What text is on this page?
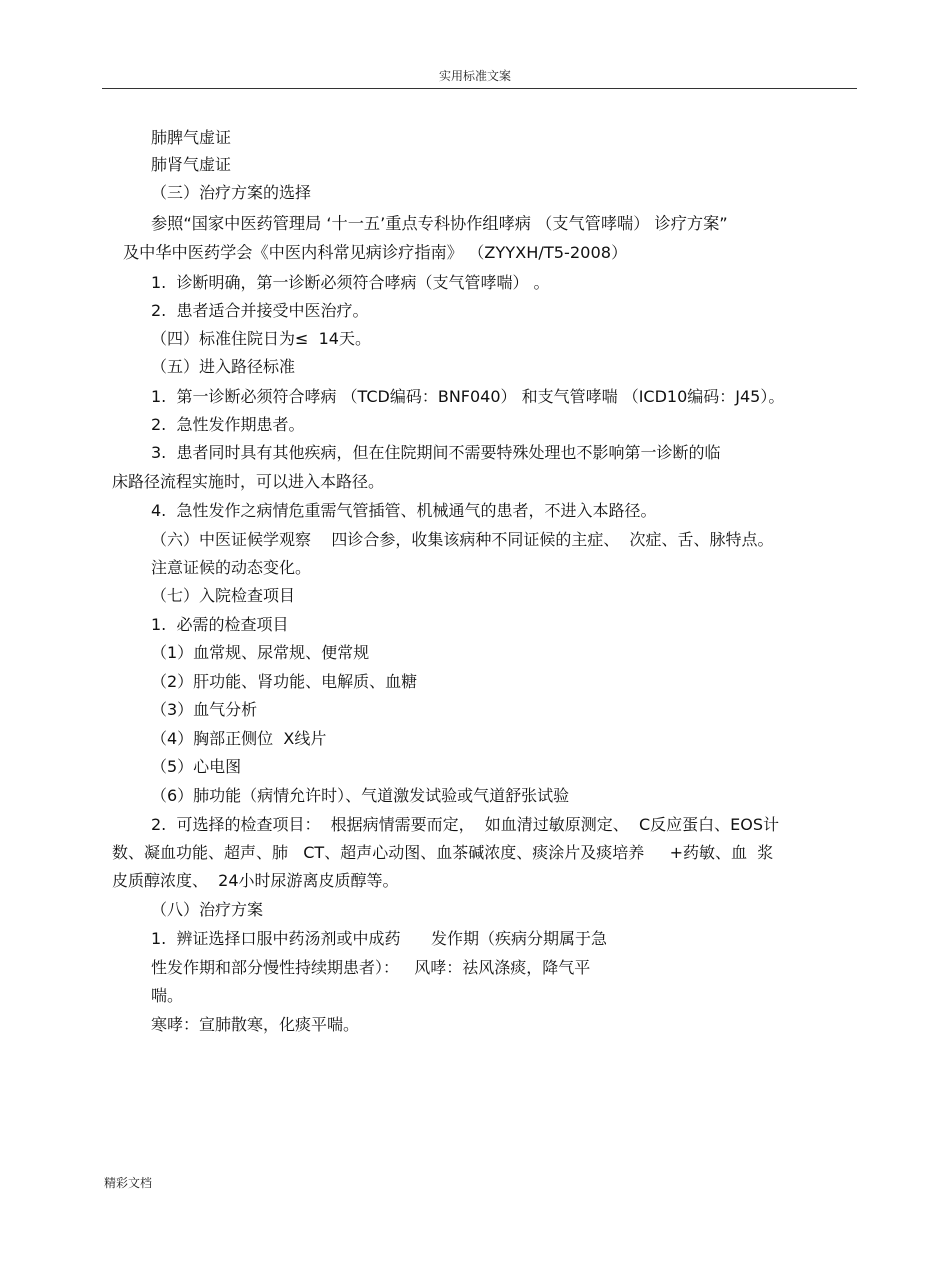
实用标准文案
肺脾气虚证
肺肾气虚证
（三）治疗方案的选择
参照“国家中医药管理局 ‘十一五’重点专科协作组哮病 （支气管哮喘） 诊疗方案”
及中华中医药学会《中医内科常见病诊疗指南》 （ZYYXH/T5-2008）
1.  诊断明确，第一诊断必须符合哮病（支气管哮喘） 。
2.  患者适合并接受中医治疗。
（四）标准住院日为≤  14天。
（五）进入路径标准
1.  第一诊断必须符合哮病 （TCD编码：BNF040） 和支气管哮喘 （ICD10编码：J45）。
2.  急性发作期患者。
3.  患者同时具有其他疾病，但在住院期间不需要特殊处理也不影响第一诊断的临
床路径流程实施时，可以进入本路径。
4.  急性发作之病情危重需气管插管、机械通气的患者，不进入本路径。
（六）中医证候学观察    四诊合参，收集该病种不同证候的主症、  次症、舌、脉特点。
注意证候的动态变化。
（七）入院检查项目
1.  必需的检查项目
（1）血常规、尿常规、便常规
（2）肝功能、肾功能、电解质、血糖
（3）血气分析
（4）胸部正侧位  X线片
（5）心电图
（6）肺功能（病情允许时）、气道激发试验或气道舒张试验
2.  可选择的检查项目：  根据病情需要而定，  如血清过敏原测定、  C反应蛋白、EOS计
数、凝血功能、超声、肺   CT、超声心动图、血茶碱浓度、痰涂片及痰培养     +药敏、血  浆
皮质醇浓度、  24小时尿游离皮质醇等。
（八）治疗方案
1.  辨证选择口服中药汤剂或中成药      发作期（疾病分期属于急
性发作期和部分慢性持续期患者）：   风哮：祛风涤痰，降气平
喘。
寒哮：宣肺散寒，化痰平喘。
精彩文档
